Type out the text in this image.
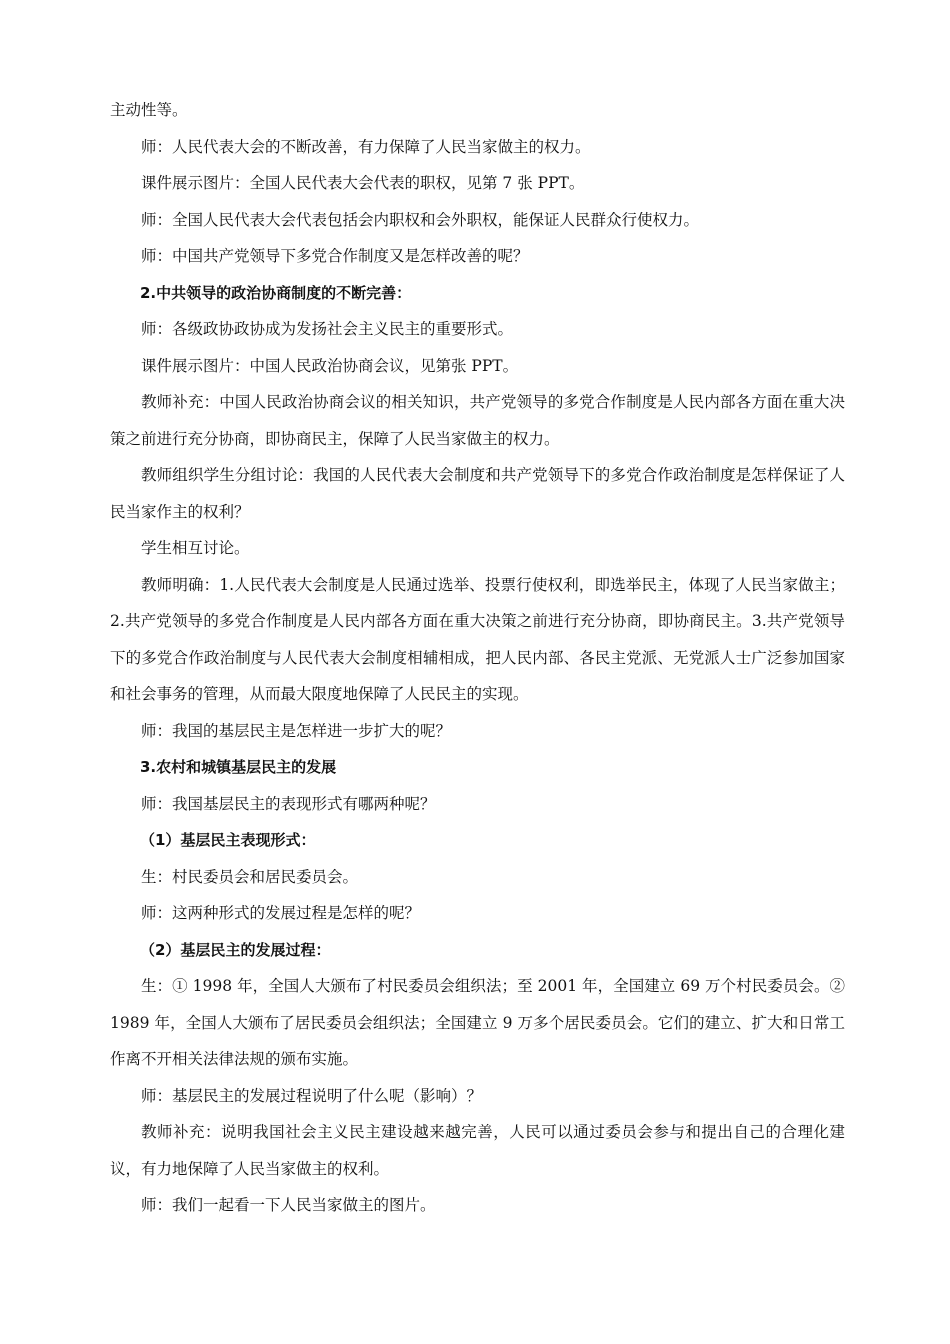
主动性等。

师：人民代表大会的不断改善，有力保障了人民当家做主的权力。

课件展示图片：全国人民代表大会代表的职权，见第 7 张 PPT。

师：全国人民代表大会代表包括会内职权和会外职权，能保证人民群众行使权力。

师：中国共产党领导下多党合作制度又是怎样改善的呢？

2.中共领导的政治协商制度的不断完善：

师：各级政协政协成为发扬社会主义民主的重要形式。

课件展示图片：中国人民政治协商会议，见第张 PPT。

教师补充：中国人民政治协商会议的相关知识，共产党领导的多党合作制度是人民内部各方面在重大决策之前进行充分协商，即协商民主，保障了人民当家做主的权力。

教师组织学生分组讨论：我国的人民代表大会制度和共产党领导下的多党合作政治制度是怎样保证了人民当家作主的权利？

学生相互讨论。

教师明确：1.人民代表大会制度是人民通过选举、投票行使权利，即选举民主，体现了人民当家做主；2.共产党领导的多党合作制度是人民内部各方面在重大决策之前进行充分协商，即协商民主。3.共产党领导下的多党合作政治制度与人民代表大会制度相辅相成，把人民内部、各民主党派、无党派人士广泛参加国家和社会事务的管理，从而最大限度地保障了人民民主的实现。

师：我国的基层民主是怎样进一步扩大的呢？

3.农村和城镇基层民主的发展

师：我国基层民主的表现形式有哪两种呢？

（1）基层民主表现形式：

生：村民委员会和居民委员会。

师：这两种形式的发展过程是怎样的呢？

（2）基层民主的发展过程：

生：① 1998 年，全国人大颁布了村民委员会组织法；至 2001 年，全国建立 69 万个村民委员会。② 1989 年，全国人大颁布了居民委员会组织法；全国建立 9 万多个居民委员会。它们的建立、扩大和日常工作离不开相关法律法规的颁布实施。

师：基层民主的发展过程说明了什么呢（影响）？

教师补充：说明我国社会主义民主建设越来越完善，人民可以通过委员会参与和提出自己的合理化建议，有力地保障了人民当家做主的权利。

师：我们一起看一下人民当家做主的图片。
